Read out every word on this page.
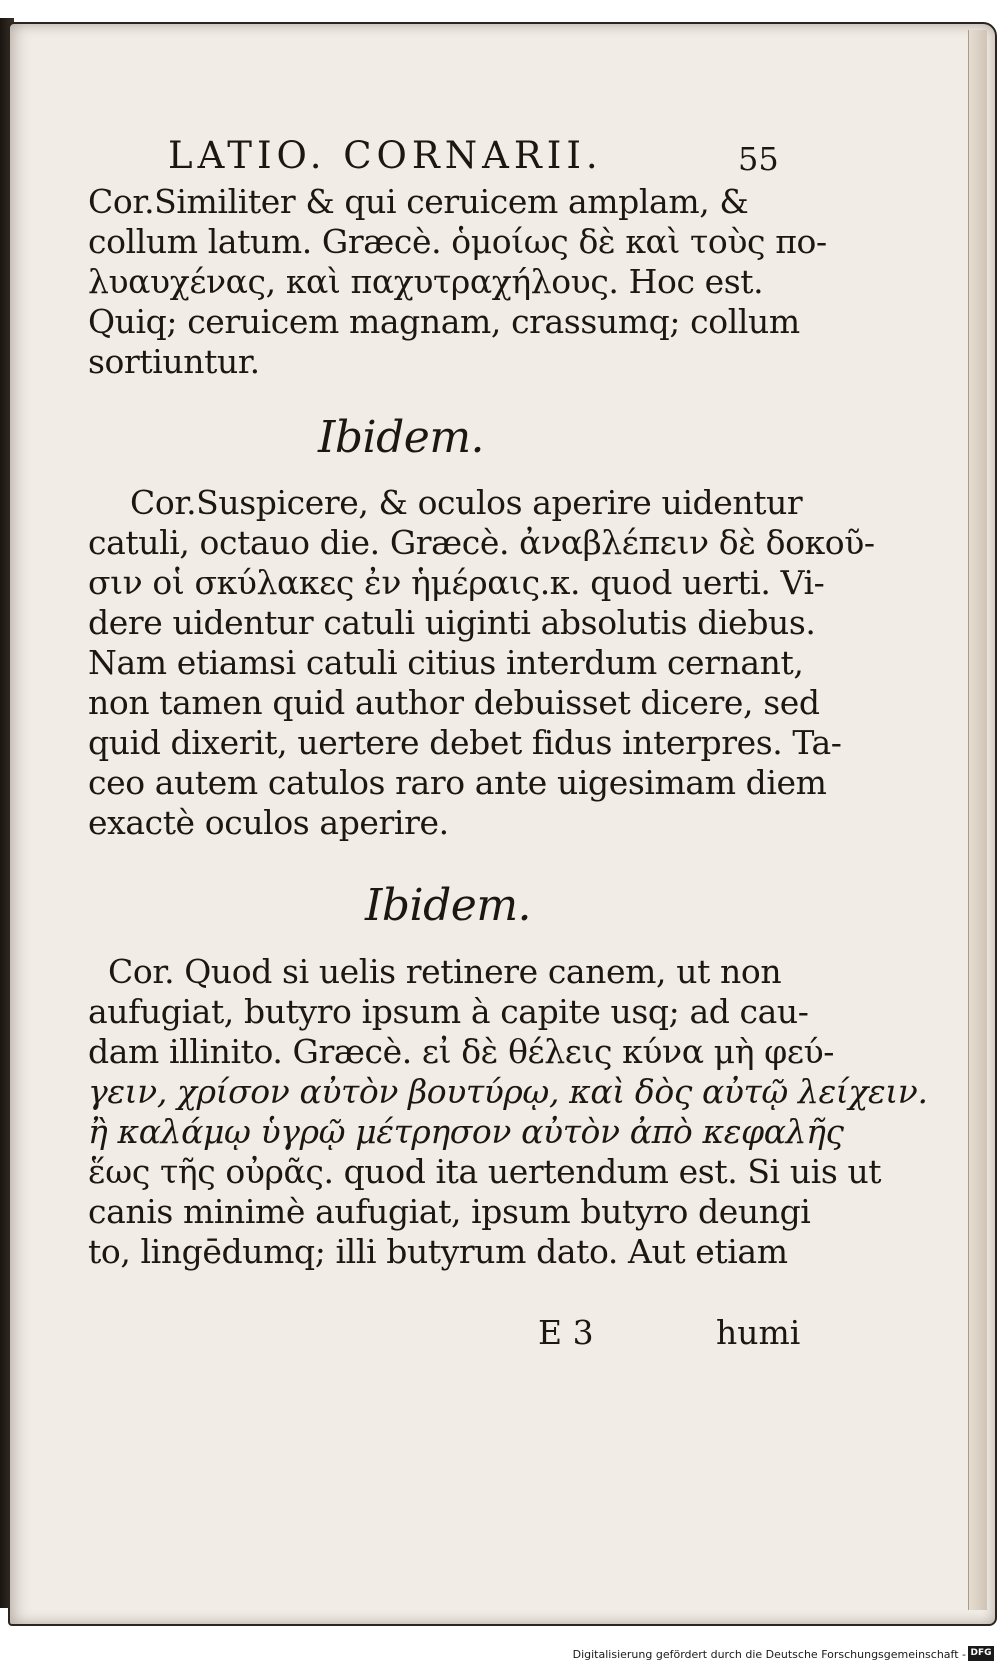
LATIO. CORNARII.	55
Cor.Similiter & qui ceruicem amplam, &
collum latum. Græcè. ὁμοίως δὲ καὶ τοὺς πο-
λυαυχένας, καὶ παχυτραχήλους. Hoc est.
Quiq; ceruicem magnam, crassumq; collum
sortiuntur.
Ibidem.
Cor.Suspicere, & oculos aperire uidentur
catuli, octauo die. Græcè. ἀναβλέπειν δὲ δοκοῦ-
σιν οἱ σκύλακες ἐν ἡμέραις.κ. quod uerti. Vi-
dere uidentur catuli uiginti absolutis diebus.
Nam etiamsi catuli citius interdum cernant,
non tamen quid author debuisset dicere, sed
quid dixerit, uertere debet fidus interpres. Ta-
ceo autem catulos raro ante uigesimam diem
exactè oculos aperire.
Ibidem.
Cor. Quod si uelis retinere canem, ut non
aufugiat, butyro ipsum à capite usq; ad cau-
dam illinito. Græcè. εἰ δὲ θέλεις κύνα μὴ φεύ-
γειν, χρίσον αὐτὸν βουτύρῳ, καὶ δὸς αὐτῷ λείχειν.
ἢ καλάμῳ ὑγρῷ μέτρησον αὐτὸν ἀπὸ κεφαλῆς
ἕως τῆς οὐρᾶς. quod ita uertendum est. Si uis ut
canis minimè aufugiat, ipsum butyro deungi
to, lingēdumq; illi butyrum dato. Aut etiam
E 3	humi
Digitalisierung gefördert durch die Deutsche Forschungsgemeinschaft - DFG
